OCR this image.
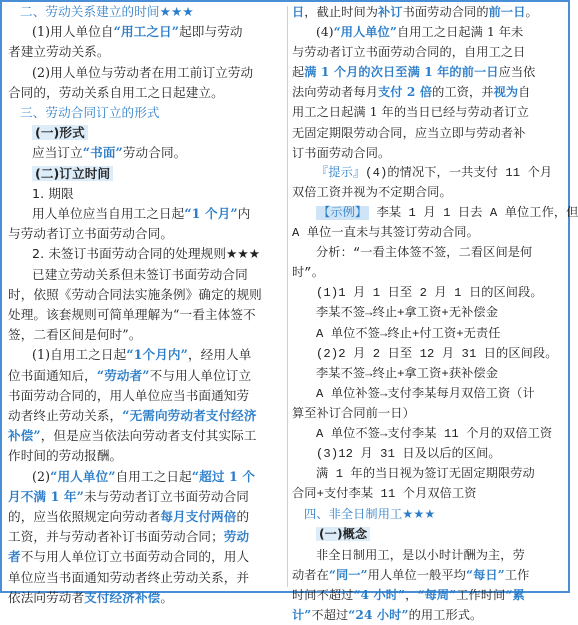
二、劳动关系建立的时间★★★

(1)用人单位自“用工之日”起即与劳动

者建立劳动关系。

(2)用人单位与劳动者在用工前订立劳动

合同的，劳动关系自用工之日起建立。

三、劳动合同订立的形式

(一)形式

应当订立“书面”劳动合同。

(二)订立时间

1. 期限

用人单位应当自用工之日起“1 个月”内

与劳动者订立书面劳动合同。

2. 未签订书面劳动合同的处理规则★★★

已建立劳动关系但未签订书面劳动合同

时，依照《劳动合同法实施条例》确定的规则

处理。该套规则可简单理解为“一看主体签不

签，二看区间是何时”。

(1)自用工之日起“1个月内”，经用人单

位书面通知后，“劳动者”不与用人单位订立

书面劳动合同的，用人单位应当书面通知劳

动者终止劳动关系，“无需向劳动者支付经济

补偿”，但是应当依法向劳动者支付其实际工

作时间的劳动报酬。

(2)“用人单位”自用工之日起“超过 1 个

月不满 1 年”未与劳动者订立书面劳动合同

的，应当依照规定向劳动者每月支付两倍的

工资，并与劳动者补订书面劳动合同；劳动

者不与用人单位订立书面劳动合同的，用人

单位应当书面通知劳动者终止劳动关系，并

依法向劳动者支付经济补偿。

日，截止时间为补订书面劳动合同的前一日。

(4)“用人单位”自用工之日起满 1 年未

与劳动者订立书面劳动合同的，自用工之日

起满 1 个月的次日至满 1 年的前一日应当依

法向劳动者每月支付 2 倍的工资，并视为自

用工之日起满 1 年的当日已经与劳动者订立

无固定期限劳动合同，应当立即与劳动者补

订书面劳动合同。

『提示』(4)的情况下，一共支付 11 个月

双倍工资并视为不定期合同。

【示例】 李某 1 月 1 日去 A 单位工作，但

A 单位一直未与其签订劳动合同。

分析：“一看主体签不签，二看区间是何

时”。

(1)1 月 1 日至 2 月 1 日的区间段。

李某不签→终止+拿工资+无补偿金

A 单位不签→终止+付工资+无责任

(2)2 月 2 日至 12 月 31 日的区间段。

李某不签→终止+拿工资+获补偿金

A 单位补签→支付李某每月双倍工资（计

算至补订合同前一日）

A 单位不签→支付李某 11 个月的双倍工资

(3)12 月 31 日及以后的区间。

满 1 年的当日视为签订无固定期限劳动

合同+支付李某 11 个月双倍工资

四、非全日制用工★★★

(一)概念

非全日制用工，是以小时计酬为主，劳

动者在“同一”用人单位一般平均“每日”工作

时间不超过“4 小时”，“每周”工作时间“累

计”不超过“24 小时”的用工形式。
